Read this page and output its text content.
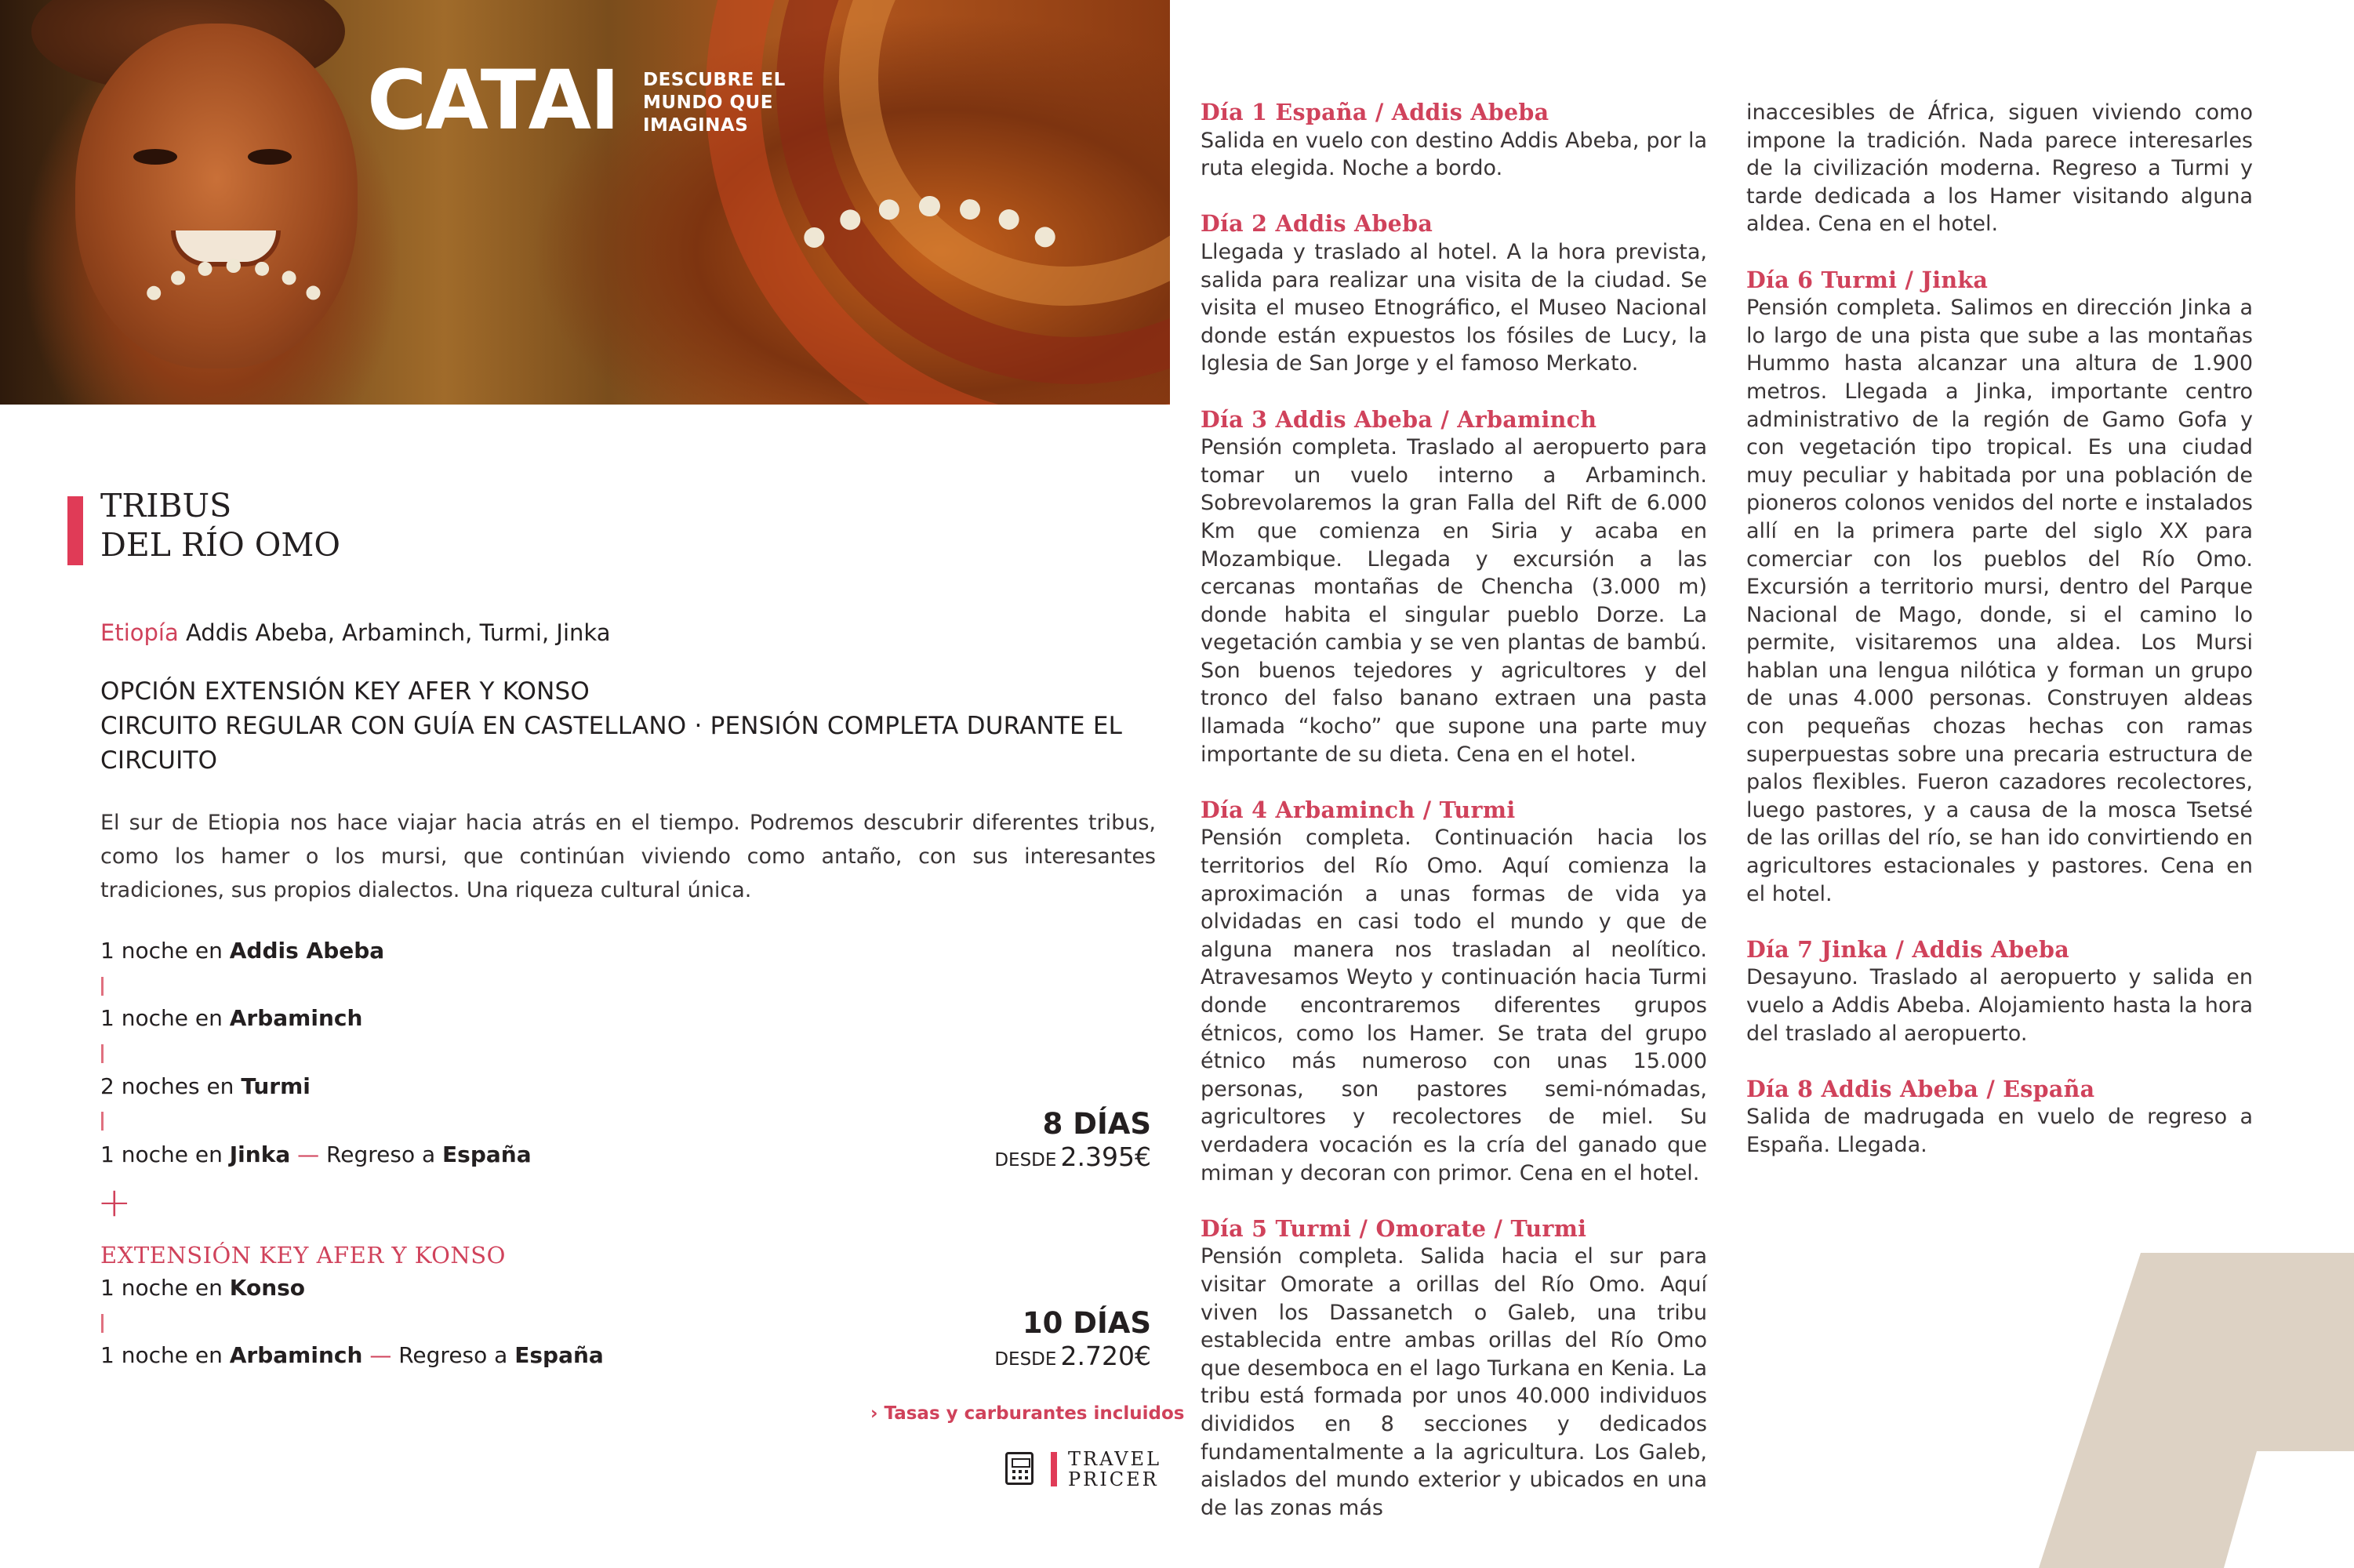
CATAI DESCUBRE EL
MUNDO QUE
IMAGINAS
TRIBUS
DEL RÍO OMO
Etiopía Addis Abeba, Arbaminch, Turmi, Jinka
OPCIÓN EXTENSIÓN KEY AFER Y KONSO
CIRCUITO REGULAR CON GUÍA EN CASTELLANO · PENSIÓN COMPLETA DURANTE EL
CIRCUITO
El sur de Etiopia nos hace viajar hacia atrás en el tiempo. Podremos descubrir diferentes tribus, como los hamer o los mursi, que continúan viviendo como antaño, con sus interesantes tradiciones, sus propios dialectos. Una riqueza cultural única.
1 noche en Addis Abeba
1 noche en Arbaminch
2 noches en Turmi
1 noche en Jinka — Regreso a España
8 DÍAS
DESDE 2.395€
+
EXTENSIÓN KEY AFER Y KONSO
1 noche en Konso
1 noche en Arbaminch — Regreso a España
10 DÍAS
DESDE 2.720€
› Tasas y carburantes incluidos
TRAVEL
PRICER
Día 1 España / Addis Abeba

Salida en vuelo con destino Addis Abeba, por la ruta elegida. Noche a bordo.

Día 2 Addis Abeba

Llegada y traslado al hotel. A la hora prevista, salida para realizar una visita de la ciudad. Se visita el museo Etnográfico, el Museo Nacional donde están expuestos los fósiles de Lucy, la Iglesia de San Jorge y el famoso Merkato.

Día 3 Addis Abeba / Arbaminch

Pensión completa. Traslado al aeropuerto para tomar un vuelo interno a Arbaminch. Sobrevolaremos la gran Falla del Rift de 6.000 Km que comienza en Siria y acaba en Mozambique. Llegada y excursión a las cercanas montañas de Chencha (3.000 m) donde habita el singular pueblo Dorze. La vegetación cambia y se ven plantas de bambú. Son buenos tejedores y agricultores y del tronco del falso banano extraen una pasta llamada “kocho” que supone una parte muy importante de su dieta. Cena en el hotel.

Día 4 Arbaminch / Turmi

Pensión completa. Continuación hacia los territorios del Río Omo. Aquí comienza la aproximación a unas formas de vida ya olvidadas en casi todo el mundo y que de alguna manera nos trasladan al neolítico. Atravesamos Weyto y continuación hacia Turmi donde encontraremos diferentes grupos étnicos, como los Hamer. Se trata del grupo étnico más numeroso con unas 15.000 personas, son pastores semi-nómadas, agricultores y recolectores de miel. Su verdadera vocación es la cría del ganado que miman y decoran con primor. Cena en el hotel.

Día 5 Turmi / Omorate / Turmi

Pensión completa. Salida hacia el sur para visitar Omorate a orillas del Río Omo. Aquí viven los Dassanetch o Galeb, una tribu establecida entre ambas orillas del Río Omo que desemboca en el lago Turkana en Kenia. La tribu está formada por unos 40.000 individuos divididos en 8 secciones y dedicados fundamentalmente a la agricultura. Los Galeb, aislados del mundo exterior y ubicados en una de las zonas más

inaccesibles de África, siguen viviendo como impone la tradición. Nada parece interesarles de la civilización moderna. Regreso a Turmi y tarde dedicada a los Hamer visitando alguna aldea. Cena en el hotel.

Día 6 Turmi / Jinka

Pensión completa. Salimos en dirección Jinka a lo largo de una pista que sube a las montañas Hummo hasta alcanzar una altura de 1.900 metros. Llegada a Jinka, importante centro administrativo de la región de Gamo Gofa y con vegetación tipo tropical. Es una ciudad muy peculiar y habitada por una población de pioneros colonos venidos del norte e instalados allí en la primera parte del siglo XX para comerciar con los pueblos del Río Omo. Excursión a territorio mursi, dentro del Parque Nacional de Mago, donde, si el camino lo permite, visitaremos una aldea. Los Mursi hablan una lengua nilótica y forman un grupo de unas 4.000 personas. Construyen aldeas con pequeñas chozas hechas con ramas superpuestas sobre una precaria estructura de palos flexibles. Fueron cazadores recolectores, luego pastores, y a causa de la mosca Tsetsé de las orillas del río, se han ido convirtiendo en agricultores estacionales y pastores. Cena en el hotel.

Día 7 Jinka / Addis Abeba

Desayuno. Traslado al aeropuerto y salida en vuelo a Addis Abeba. Alojamiento hasta la hora del traslado al aeropuerto.

Día 8 Addis Abeba / España

Salida de madrugada en vuelo de regreso a España. Llegada.
